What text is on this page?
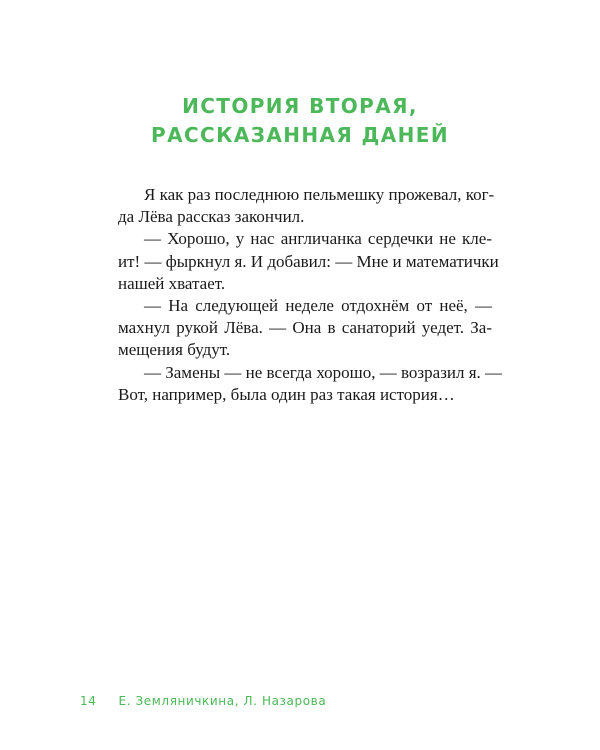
ИСТОРИЯ ВТОРАЯ,
РАССКАЗАННАЯ ДАНЕЙ
Я как раз последнюю пельмешку прожевал, ког-
да Лёва рассказ закончил.
— Хорошо, у нас англичанка сердечки не кле-
ит! — фыркнул я. И добавил: — Мне и математички
нашей хватает.
— На следующей неделе отдохнём от неё, —
махнул рукой Лёва. — Она в санаторий уедет. За-
мещения будут.
— Замены — не всегда хорошо, — возразил я. —
Вот, например, была один раз такая история…
14 Е. Земляничкина, Л. Назарова
